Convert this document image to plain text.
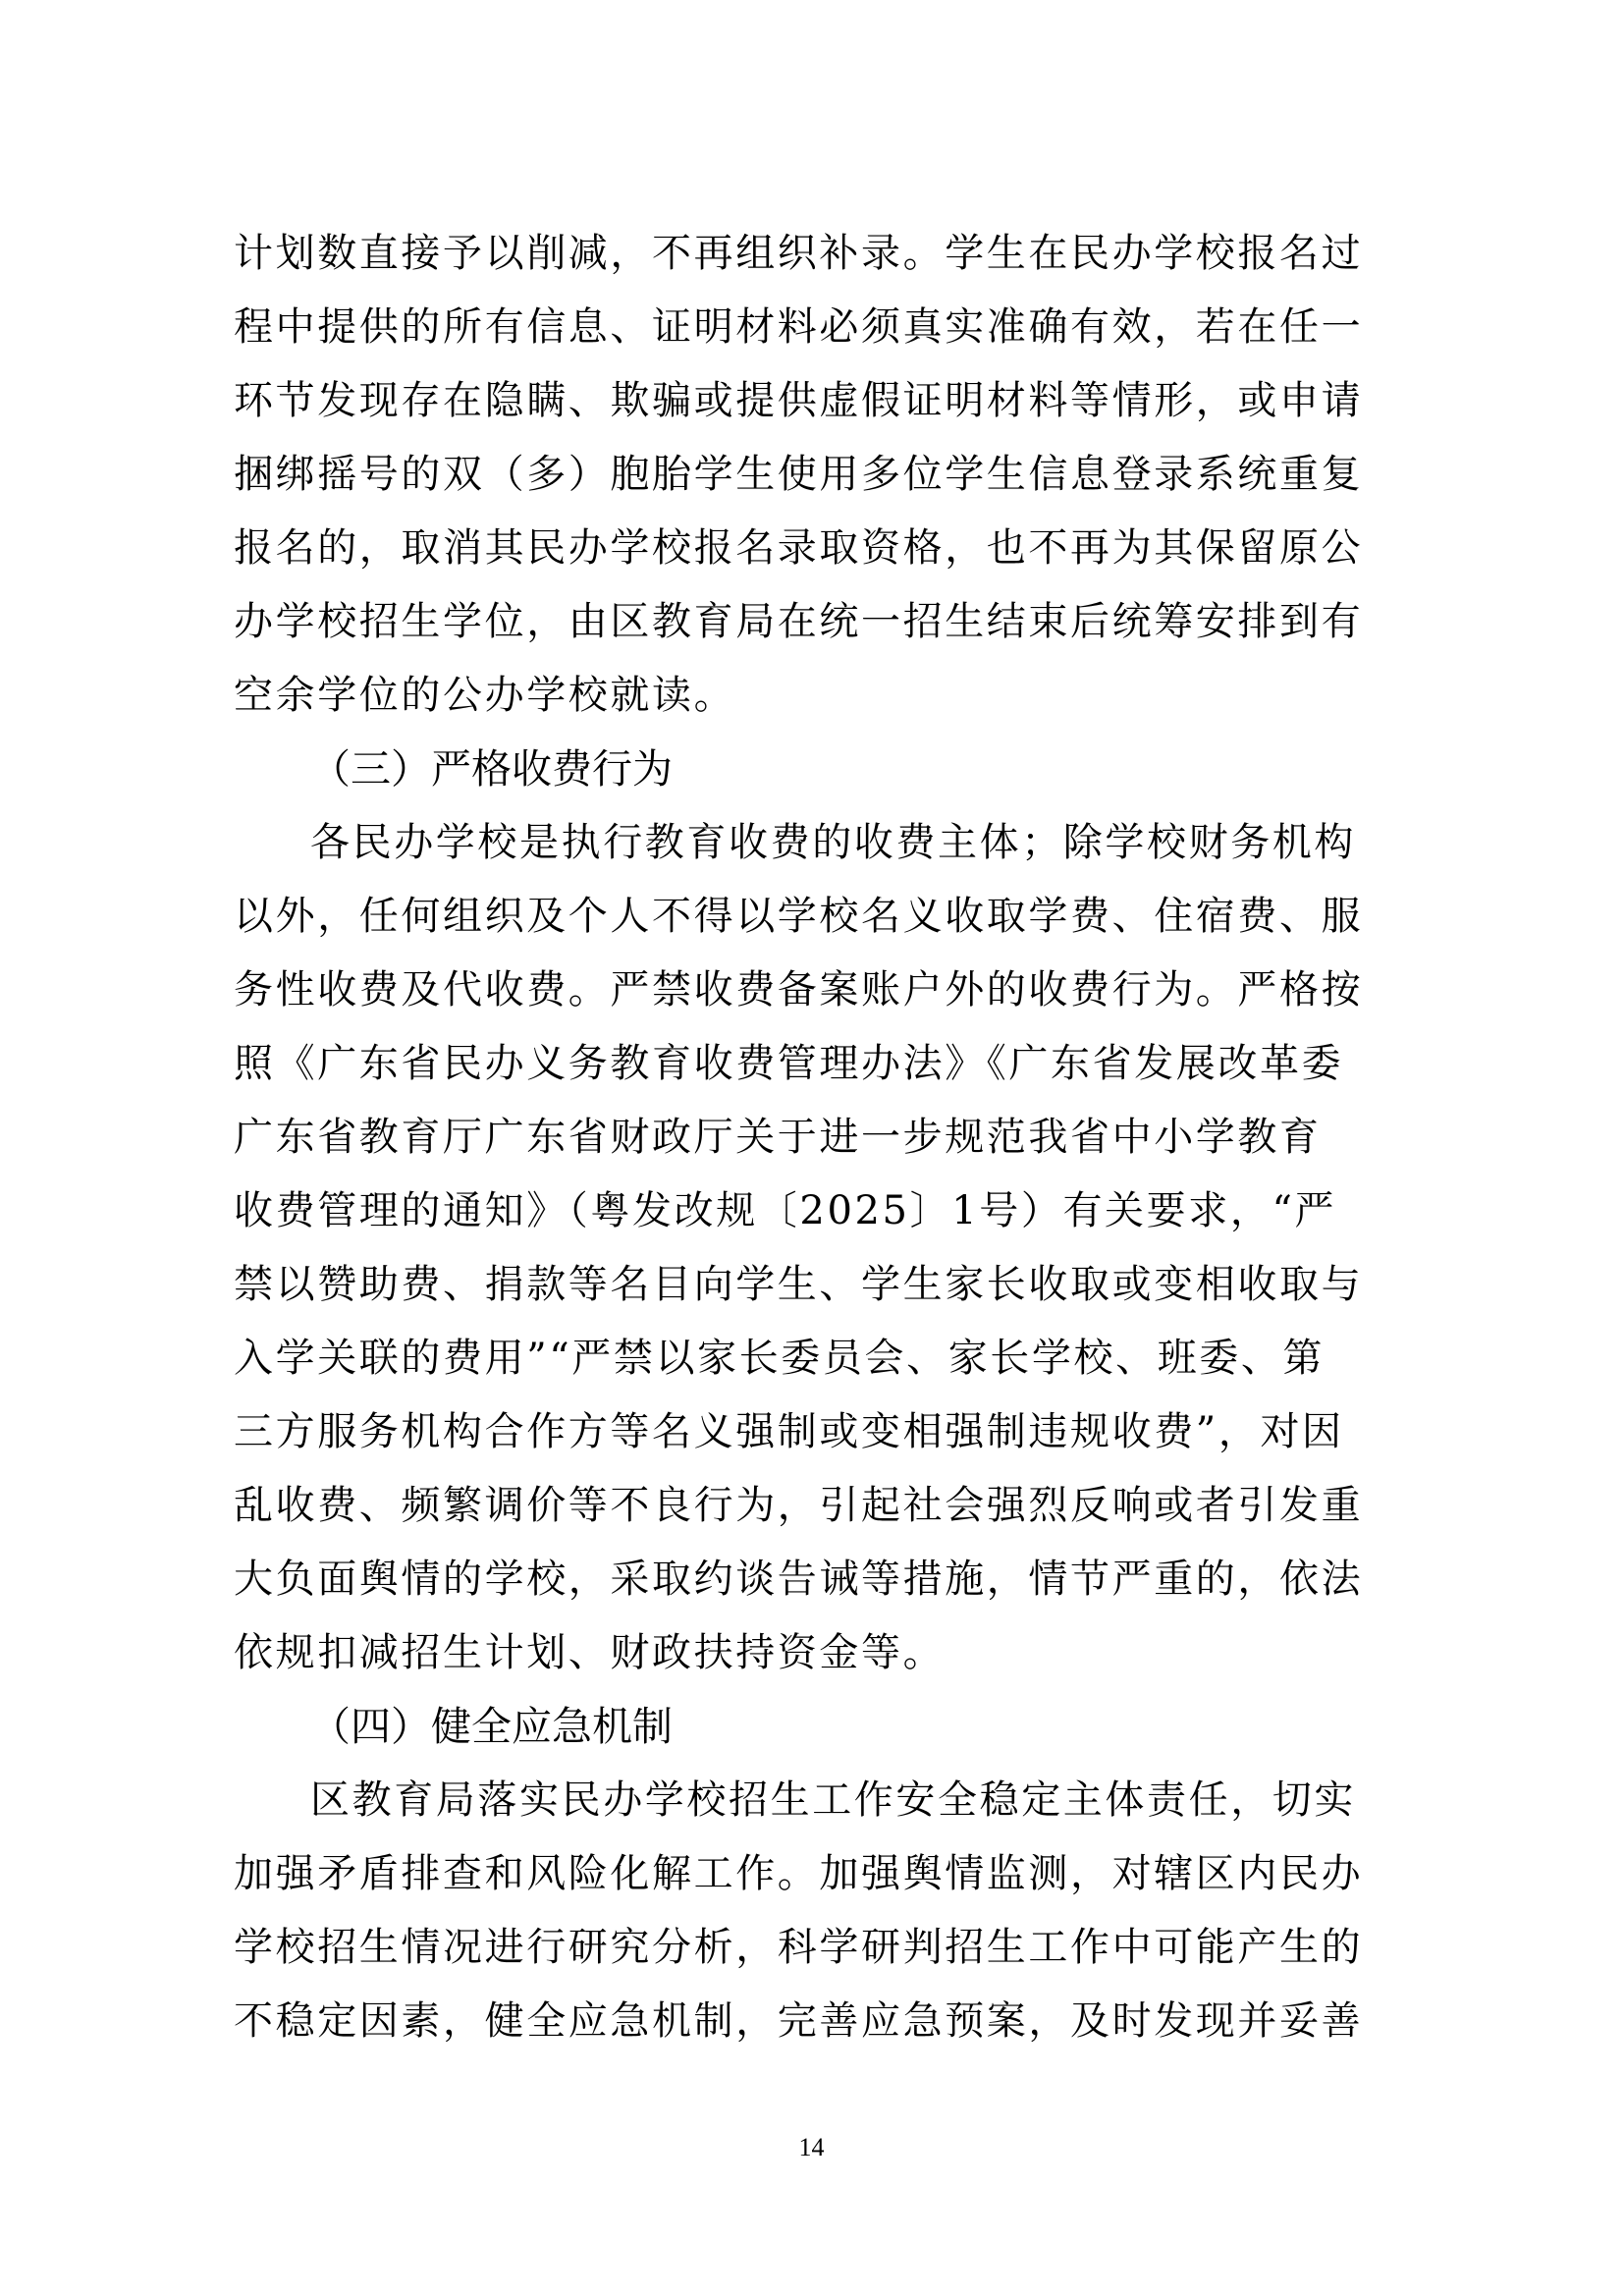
计划数直接予以削减，不再组织补录。学生在民办学校报名过
程中提供的所有信息、证明材料必须真实准确有效，若在任一
环节发现存在隐瞒、欺骗或提供虚假证明材料等情形，或申请
捆绑摇号的双（多）胞胎学生使用多位学生信息登录系统重复
报名的，取消其民办学校报名录取资格，也不再为其保留原公
办学校招生学位，由区教育局在统一招生结束后统筹安排到有
空余学位的公办学校就读。
（三）严格收费行为
各民办学校是执行教育收费的收费主体；除学校财务机构
以外，任何组织及个人不得以学校名义收取学费、住宿费、服
务性收费及代收费。严禁收费备案账户外的收费行为。严格按
照《广东省民办义务教育收费管理办法》《广东省发展改革委
广东省教育厅广东省财政厅关于进一步规范我省中小学教育
收费管理的通知》（粤发改规〔2025〕1号）有关要求，“严
禁以赞助费、捐款等名目向学生、学生家长收取或变相收取与
入学关联的费用”“严禁以家长委员会、家长学校、班委、第
三方服务机构合作方等名义强制或变相强制违规收费”，对因
乱收费、频繁调价等不良行为，引起社会强烈反响或者引发重
大负面舆情的学校，采取约谈告诫等措施，情节严重的，依法
依规扣减招生计划、财政扶持资金等。
（四）健全应急机制
区教育局落实民办学校招生工作安全稳定主体责任，切实
加强矛盾排查和风险化解工作。加强舆情监测，对辖区内民办
学校招生情况进行研究分析，科学研判招生工作中可能产生的
不稳定因素，健全应急机制，完善应急预案，及时发现并妥善
14
